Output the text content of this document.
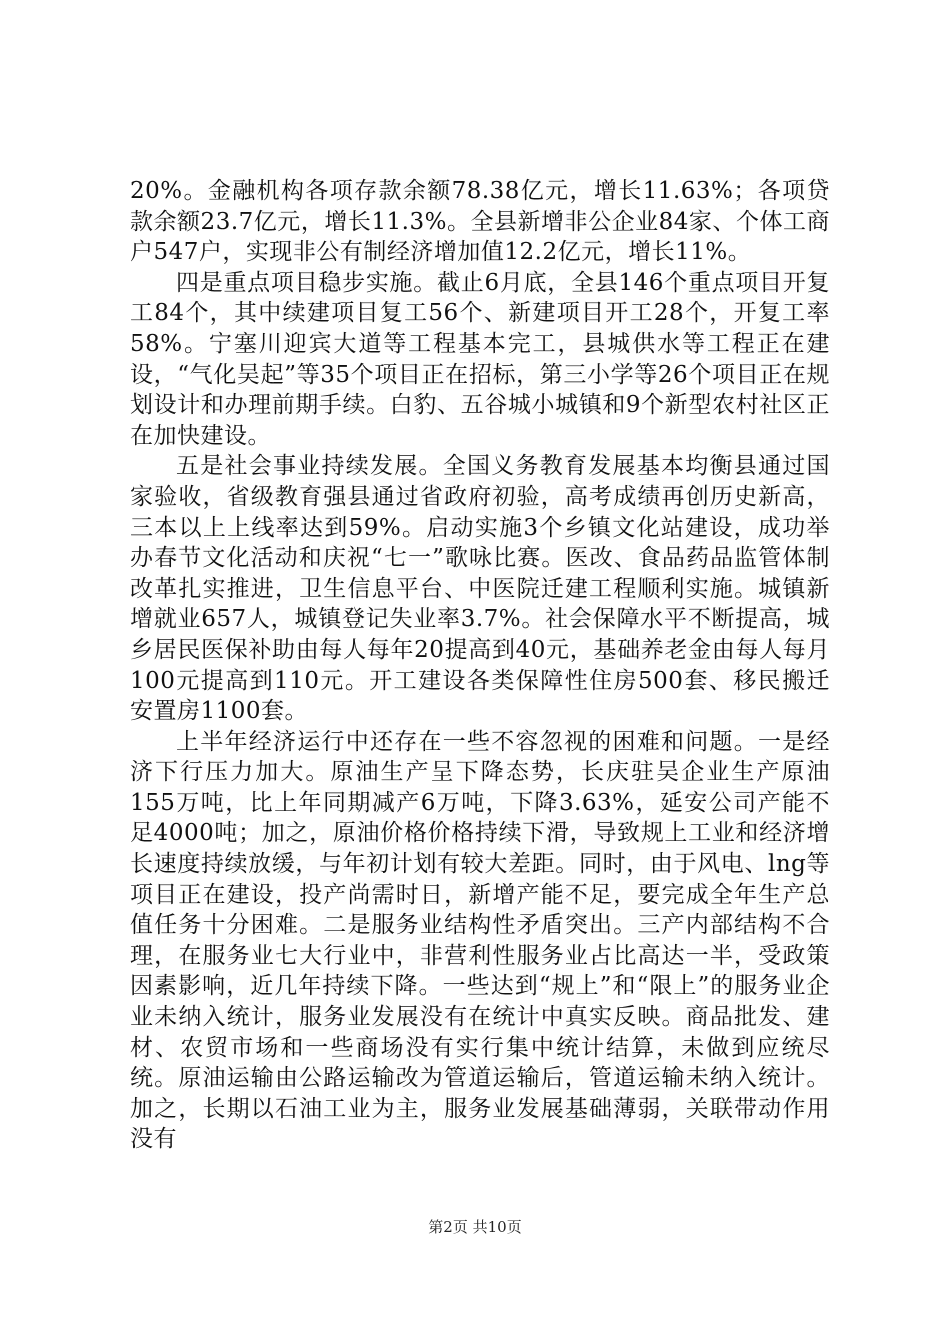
20%。金融机构各项存款余额78.38亿元，增长11.63%；各项贷款余额23.7亿元，增长11.3%。全县新增非公企业84家、个体工商户547户，实现非公有制经济增加值12.2亿元，增长11%。

四是重点项目稳步实施。截止6月底，全县146个重点项目开复工84个，其中续建项目复工56个、新建项目开工28个，开复工率58%。宁塞川迎宾大道等工程基本完工，县城供水等工程正在建设，“气化吴起”等35个项目正在招标，第三小学等26个项目正在规划设计和办理前期手续。白豹、五谷城小城镇和9个新型农村社区正在加快建设。

五是社会事业持续发展。全国义务教育发展基本均衡县通过国家验收，省级教育强县通过省政府初验，高考成绩再创历史新高，三本以上上线率达到59%。启动实施3个乡镇文化站建设，成功举办春节文化活动和庆祝“七一”歌咏比赛。医改、食品药品监管体制改革扎实推进，卫生信息平台、中医院迁建工程顺利实施。城镇新增就业657人，城镇登记失业率3.7%。社会保障水平不断提高，城乡居民医保补助由每人每年20提高到40元，基础养老金由每人每月100元提高到110元。开工建设各类保障性住房500套、移民搬迁安置房1100套。

上半年经济运行中还存在一些不容忽视的困难和问题。一是经济下行压力加大。原油生产呈下降态势，长庆驻吴企业生产原油155万吨，比上年同期减产6万吨，下降3.63%，延安公司产能不足4000吨；加之，原油价格价格持续下滑，导致规上工业和经济增长速度持续放缓，与年初计划有较大差距。同时，由于风电、lng等项目正在建设，投产尚需时日，新增产能不足，要完成全年生产总值任务十分困难。二是服务业结构性矛盾突出。三产内部结构不合理，在服务业七大行业中，非营利性服务业占比高达一半，受政策因素影响，近几年持续下降。一些达到“规上”和“限上”的服务业企业未纳入统计，服务业发展没有在统计中真实反映。商品批发、建材、农贸市场和一些商场没有实行集中统计结算，未做到应统尽统。原油运输由公路运输改为管道运输后，管道运输未纳入统计。加之，长期以石油工业为主，服务业发展基础薄弱，关联带动作用没有

第2页 共10页
